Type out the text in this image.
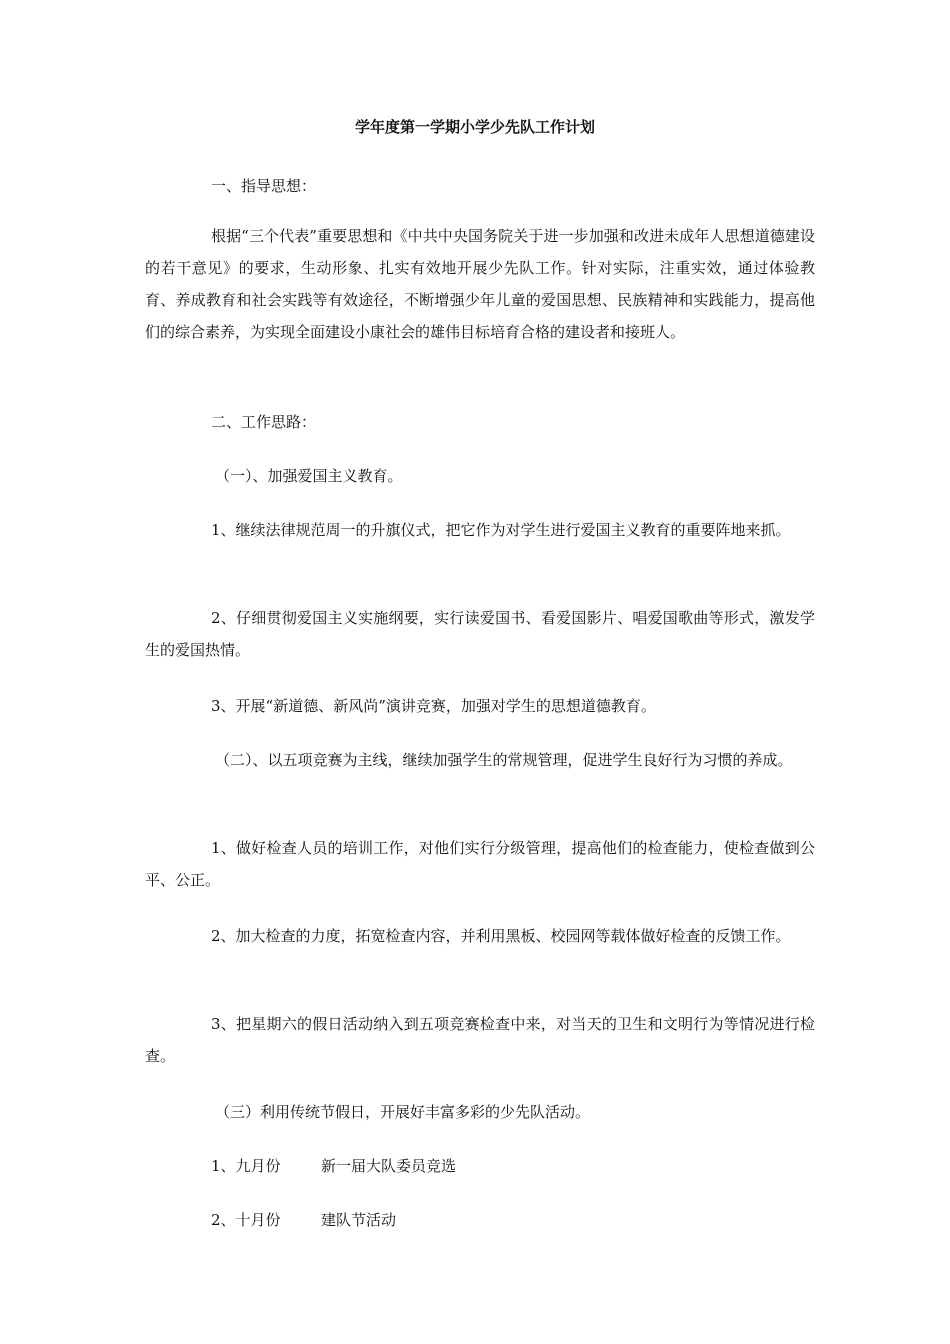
学年度第一学期小学少先队工作计划

一、指导思想：

根据“三个代表”重要思想和《中共中央国务院关于进一步加强和改进未成年人思想道德建设的若干意见》的要求，生动形象、扎实有效地开展少先队工作。针对实际，注重实效，通过体验教育、养成教育和社会实践等有效途径，不断增强少年儿童的爱国思想、民族精神和实践能力，提高他们的综合素养，为实现全面建设小康社会的雄伟目标培育合格的建设者和接班人。

二、工作思路：

（一）、加强爱国主义教育。

1、继续法律规范周一的升旗仪式，把它作为对学生进行爱国主义教育的重要阵地来抓。

2、仔细贯彻爱国主义实施纲要，实行读爱国书、看爱国影片、唱爱国歌曲等形式，激发学生的爱国热情。

3、开展“新道德、新风尚”演讲竞赛，加强对学生的思想道德教育。

（二）、以五项竞赛为主线，继续加强学生的常规管理，促进学生良好行为习惯的养成。

1、做好检查人员的培训工作，对他们实行分级管理，提高他们的检查能力，使检查做到公平、公正。

2、加大检查的力度，拓宽检查内容，并利用黑板、校园网等载体做好检查的反馈工作。

3、把星期六的假日活动纳入到五项竞赛检查中来，对当天的卫生和文明行为等情况进行检查。

（三）利用传统节假日，开展好丰富多彩的少先队活动。

1、九月份	新一届大队委员竞选
2、十月份	建队节活动
